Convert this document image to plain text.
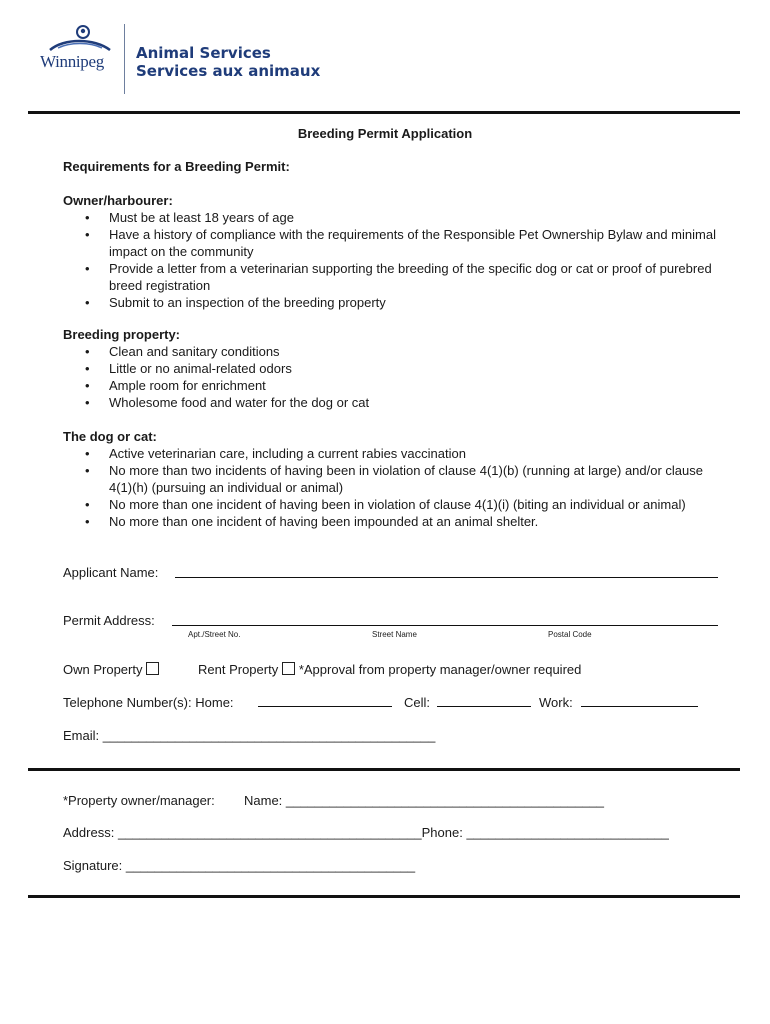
Winnipeg Animal Services
Services aux animaux
Breeding Permit Application
Requirements for a Breeding Permit:
Owner/harbourer:
• Must be at least 18 years of age
• Have a history of compliance with the requirements of the Responsible Pet Ownership Bylaw and minimal impact on the community
• Provide a letter from a veterinarian supporting the breeding of the specific dog or cat or proof of purebred breed registration
• Submit to an inspection of the breeding property
Breeding property:
• Clean and sanitary conditions
• Little or no animal-related odors
• Ample room for enrichment
• Wholesome food and water for the dog or cat
The dog or cat:
• Active veterinarian care, including a current rabies vaccination
• No more than two incidents of having been in violation of clause 4(1)(b) (running at large) and/or clause 4(1)(h) (pursuing an individual or animal)
• No more than one incident of having been in violation of clause 4(1)(i) (biting an individual or animal)
• No more than one incident of having been impounded at an animal shelter.
Applicant Name:
Permit Address:
Apt./Street No.	Street Name	Postal Code
Own Property	Rent Property *Approval from property manager/owner required
Telephone Number(s): Home:	Cell:	Work:
Email: ______________________________________________
*Property owner/manager: Name: ____________________________________________
Address: __________________________________________Phone: ____________________________
Signature: ________________________________________
